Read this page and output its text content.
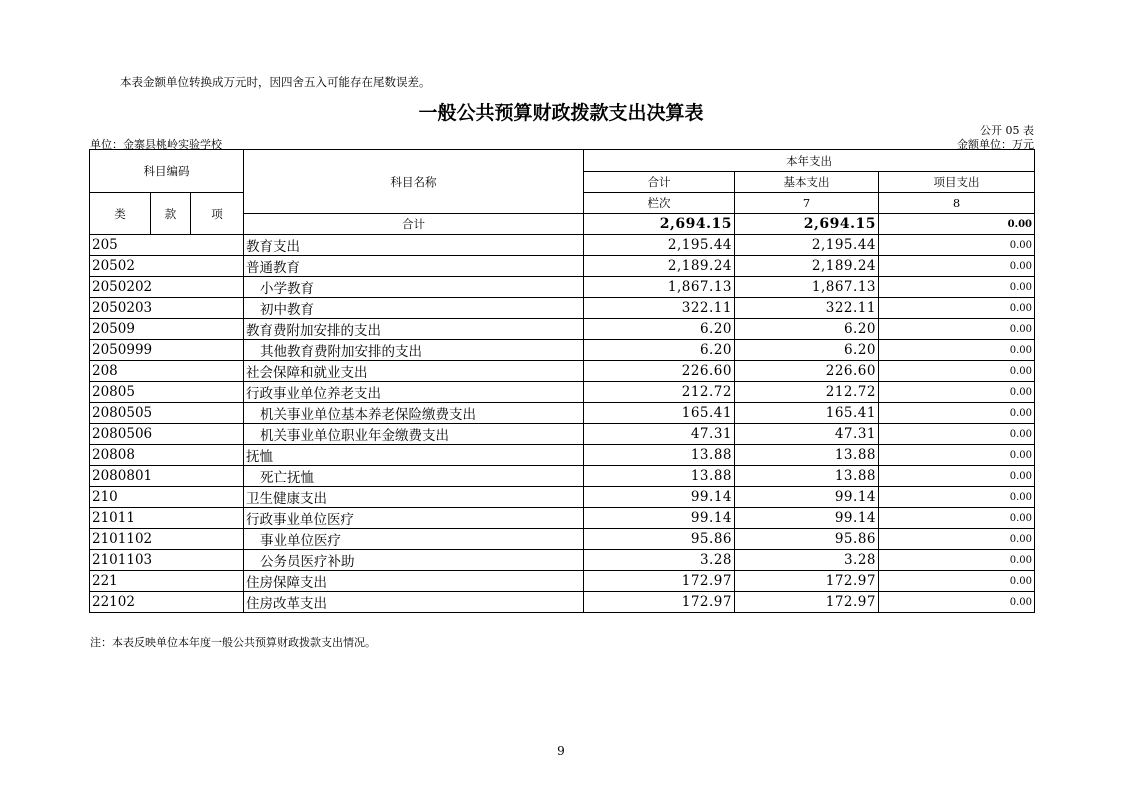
本表金额单位转换成万元时，因四舍五入可能存在尾数误差。
一般公共预算财政拨款支出决算表
公开 05 表
单位：金寨县桃岭实验学校	金额单位：万元
科目编码			科目名称	本年支出			
				合计	基本支出	项目支出	
类	款	项		栏次	7	8	
			合计	2,694.15	2,694.15	0.00	
205			教育支出	2,195.44	2,195.44	0.00	
20502			普通教育	2,189.24	2,189.24	0.00	
2050202			小学教育	1,867.13	1,867.13	0.00	
2050203			初中教育	322.11	322.11	0.00	
20509			教育费附加安排的支出	6.20	6.20	0.00	
2050999			其他教育费附加安排的支出	6.20	6.20	0.00	
208			社会保障和就业支出	226.60	226.60	0.00	
20805			行政事业单位养老支出	212.72	212.72	0.00	
2080505			机关事业单位基本养老保险缴费支出	165.41	165.41	0.00	
2080506			机关事业单位职业年金缴费支出	47.31	47.31	0.00	
20808			抚恤	13.88	13.88	0.00	
2080801			死亡抚恤	13.88	13.88	0.00	
210			卫生健康支出	99.14	99.14	0.00	
21011			行政事业单位医疗	99.14	99.14	0.00	
2101102			事业单位医疗	95.86	95.86	0.00	
2101103			公务员医疗补助	3.28	3.28	0.00	
221			住房保障支出	172.97	172.97	0.00	
22102			住房改革支出	172.97	172.97	0.00	
注：本表反映单位本年度一般公共预算财政拨款支出情况。
9
